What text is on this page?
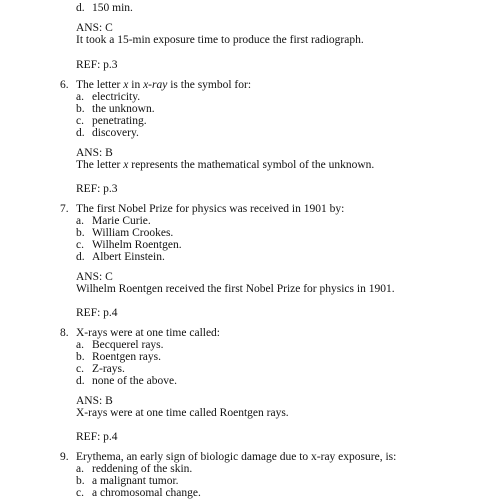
d. 150 min.
ANS: C
It took a 15-min exposure time to produce the first radiograph.
REF: p.3
6. The letter x in x-ray is the symbol for:
a. electricity.
b. the unknown.
c. penetrating.
d. discovery.
ANS: B
The letter x represents the mathematical symbol of the unknown.
REF: p.3
7. The first Nobel Prize for physics was received in 1901 by:
a. Marie Curie.
b. William Crookes.
c. Wilhelm Roentgen.
d. Albert Einstein.
ANS: C
Wilhelm Roentgen received the first Nobel Prize for physics in 1901.
REF: p.4
8. X-rays were at one time called:
a. Becquerel rays.
b. Roentgen rays.
c. Z-rays.
d. none of the above.
ANS: B
X-rays were at one time called Roentgen rays.
REF: p.4
9. Erythema, an early sign of biologic damage due to x-ray exposure, is:
a. reddening of the skin.
b. a malignant tumor.
c. a chromosomal change.
